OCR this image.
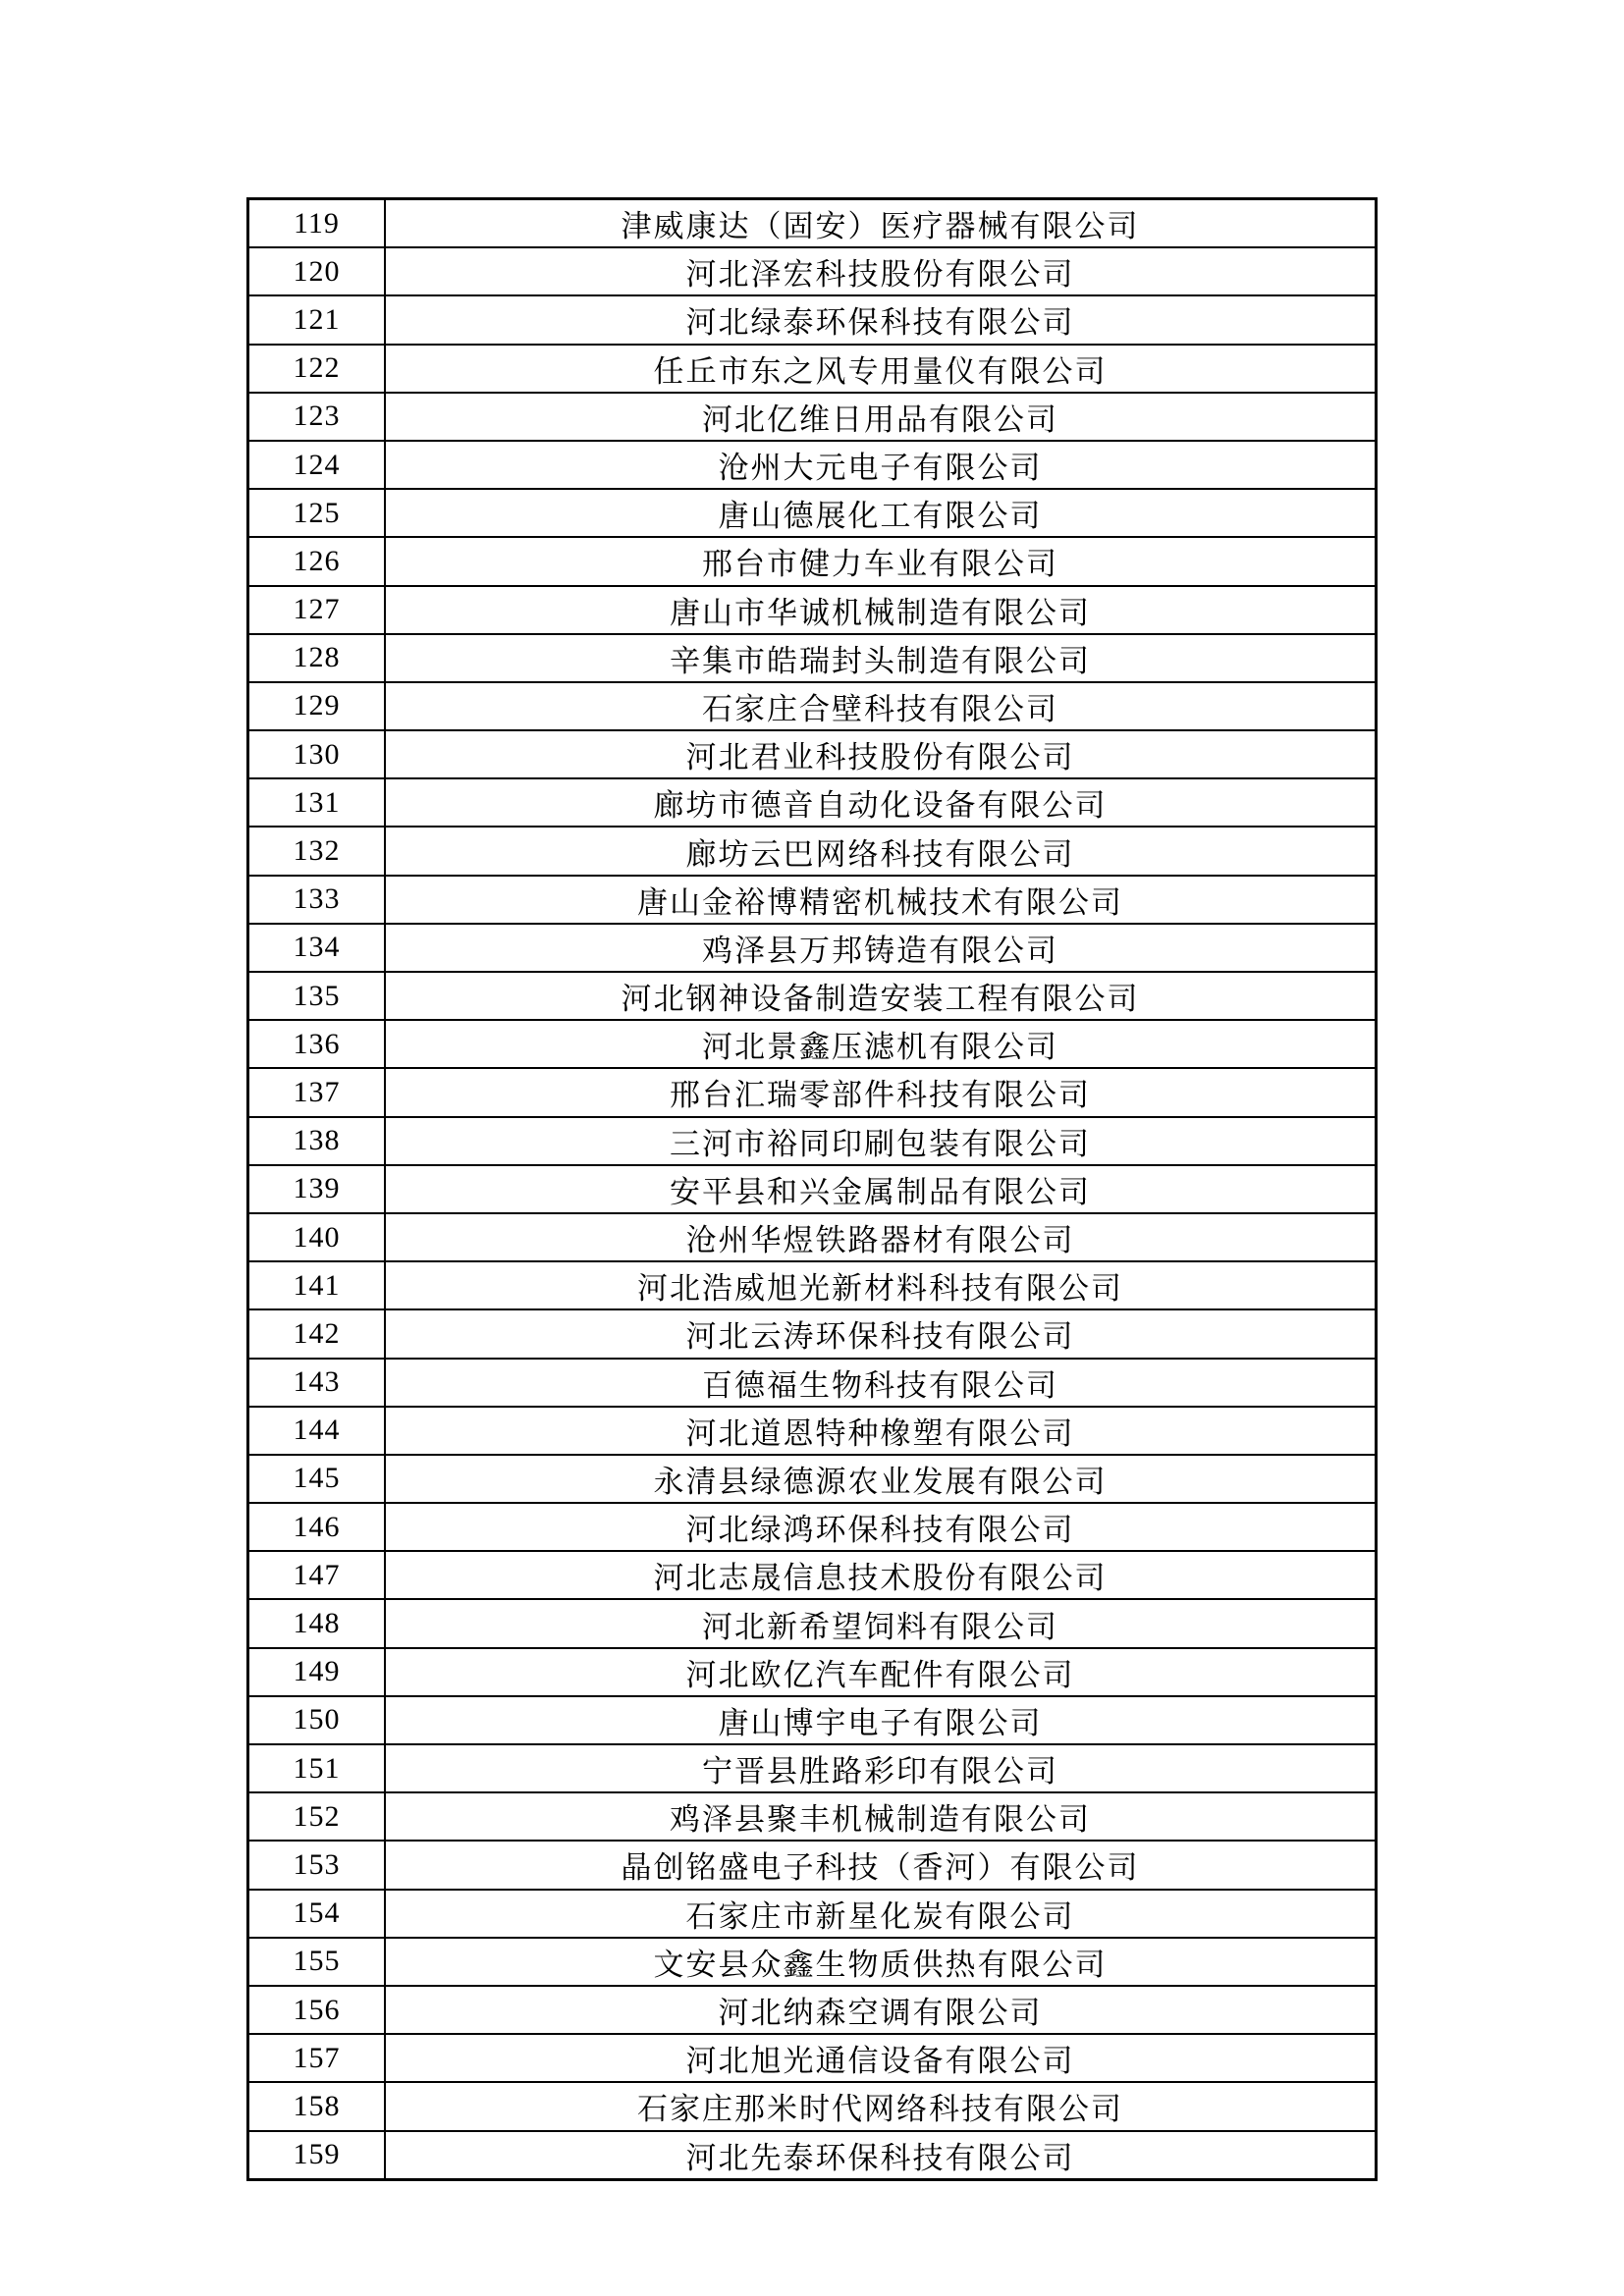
119	津威康达（固安）医疗器械有限公司
120	河北泽宏科技股份有限公司
121	河北绿泰环保科技有限公司
122	任丘市东之风专用量仪有限公司
123	河北亿维日用品有限公司
124	沧州大元电子有限公司
125	唐山德展化工有限公司
126	邢台市健力车业有限公司
127	唐山市华诚机械制造有限公司
128	辛集市皓瑞封头制造有限公司
129	石家庄合壁科技有限公司
130	河北君业科技股份有限公司
131	廊坊市德音自动化设备有限公司
132	廊坊云巴网络科技有限公司
133	唐山金裕博精密机械技术有限公司
134	鸡泽县万邦铸造有限公司
135	河北钢神设备制造安装工程有限公司
136	河北景鑫压滤机有限公司
137	邢台汇瑞零部件科技有限公司
138	三河市裕同印刷包装有限公司
139	安平县和兴金属制品有限公司
140	沧州华煜铁路器材有限公司
141	河北浩威旭光新材料科技有限公司
142	河北云涛环保科技有限公司
143	百德福生物科技有限公司
144	河北道恩特种橡塑有限公司
145	永清县绿德源农业发展有限公司
146	河北绿鸿环保科技有限公司
147	河北志晟信息技术股份有限公司
148	河北新希望饲料有限公司
149	河北欧亿汽车配件有限公司
150	唐山博宇电子有限公司
151	宁晋县胜路彩印有限公司
152	鸡泽县聚丰机械制造有限公司
153	晶创铭盛电子科技（香河）有限公司
154	石家庄市新星化炭有限公司
155	文安县众鑫生物质供热有限公司
156	河北纳森空调有限公司
157	河北旭光通信设备有限公司
158	石家庄那米时代网络科技有限公司
159	河北先泰环保科技有限公司
